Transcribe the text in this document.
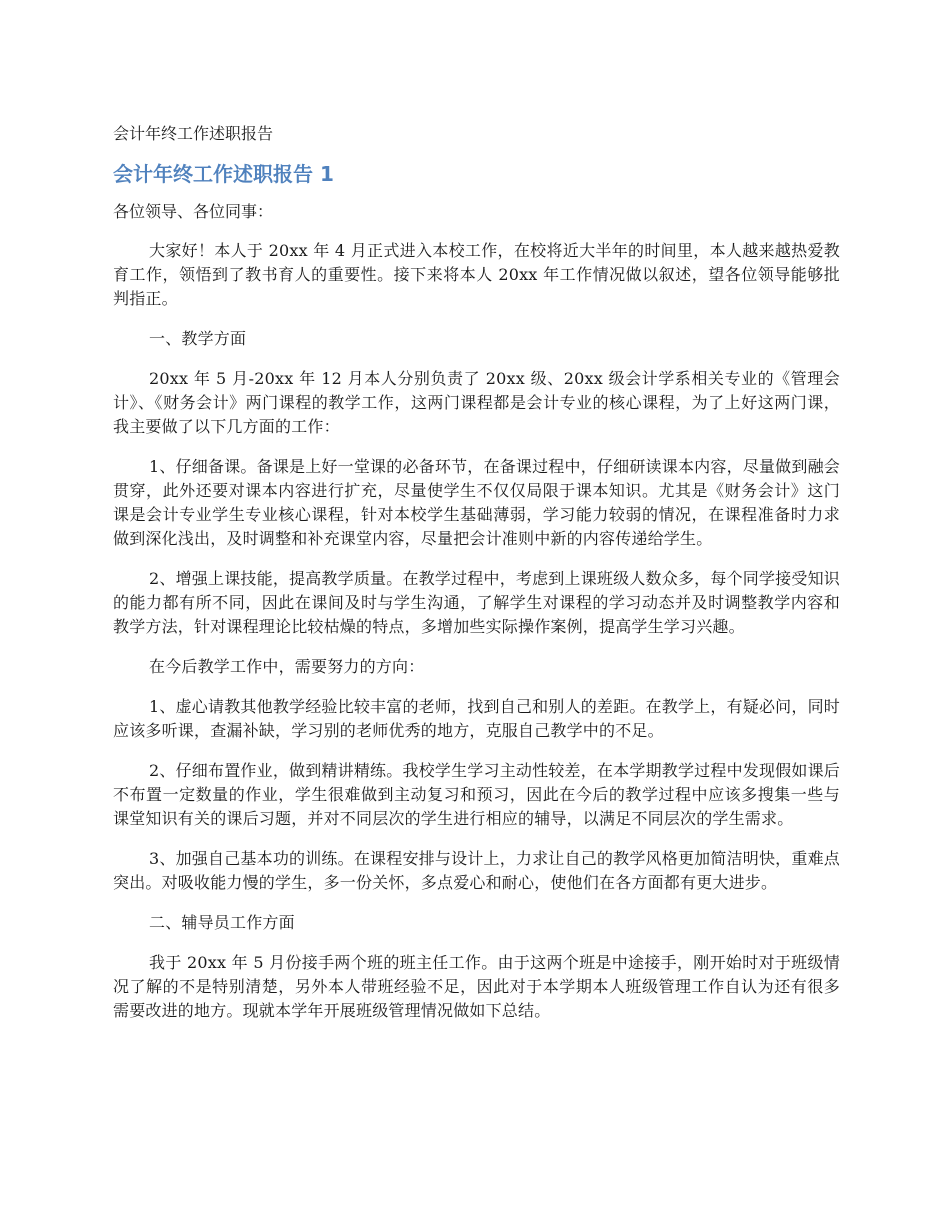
会计年终工作述职报告
会计年终工作述职报告 1
各位领导、各位同事：

大家好！本人于 20xx 年 4 月正式进入本校工作，在校将近大半年的时间里，本人越来越热爱教育工作，领悟到了教书育人的重要性。接下来将本人 20xx 年工作情况做以叙述，望各位领导能够批判指正。

一、教学方面

20xx 年 5 月-20xx 年 12 月本人分别负责了 20xx 级、20xx 级会计学系相关专业的《管理会计》、《财务会计》两门课程的教学工作，这两门课程都是会计专业的核心课程，为了上好这两门课，我主要做了以下几方面的工作：

1、仔细备课。备课是上好一堂课的必备环节，在备课过程中，仔细研读课本内容，尽量做到融会贯穿，此外还要对课本内容进行扩充，尽量使学生不仅仅局限于课本知识。尤其是《财务会计》这门课是会计专业学生专业核心课程，针对本校学生基础薄弱，学习能力较弱的情况，在课程准备时力求做到深化浅出，及时调整和补充课堂内容，尽量把会计准则中新的内容传递给学生。

2、增强上课技能，提高教学质量。在教学过程中，考虑到上课班级人数众多，每个同学接受知识的能力都有所不同，因此在课间及时与学生沟通，了解学生对课程的学习动态并及时调整教学内容和教学方法，针对课程理论比较枯燥的特点，多增加些实际操作案例，提高学生学习兴趣。

在今后教学工作中，需要努力的方向：

1、虚心请教其他教学经验比较丰富的老师，找到自己和别人的差距。在教学上，有疑必问，同时应该多听课，查漏补缺，学习别的老师优秀的地方，克服自己教学中的不足。

2、仔细布置作业，做到精讲精练。我校学生学习主动性较差，在本学期教学过程中发现假如课后不布置一定数量的作业，学生很难做到主动复习和预习，因此在今后的教学过程中应该多搜集一些与课堂知识有关的课后习题，并对不同层次的学生进行相应的辅导，以满足不同层次的学生需求。

3、加强自己基本功的训练。在课程安排与设计上，力求让自己的教学风格更加简洁明快，重难点突出。对吸收能力慢的学生，多一份关怀，多点爱心和耐心，使他们在各方面都有更大进步。

二、辅导员工作方面

我于 20xx 年 5 月份接手两个班的班主任工作。由于这两个班是中途接手，刚开始时对于班级情况了解的不是特别清楚，另外本人带班经验不足，因此对于本学期本人班级管理工作自认为还有很多需要改进的地方。现就本学年开展班级管理情况做如下总结。
